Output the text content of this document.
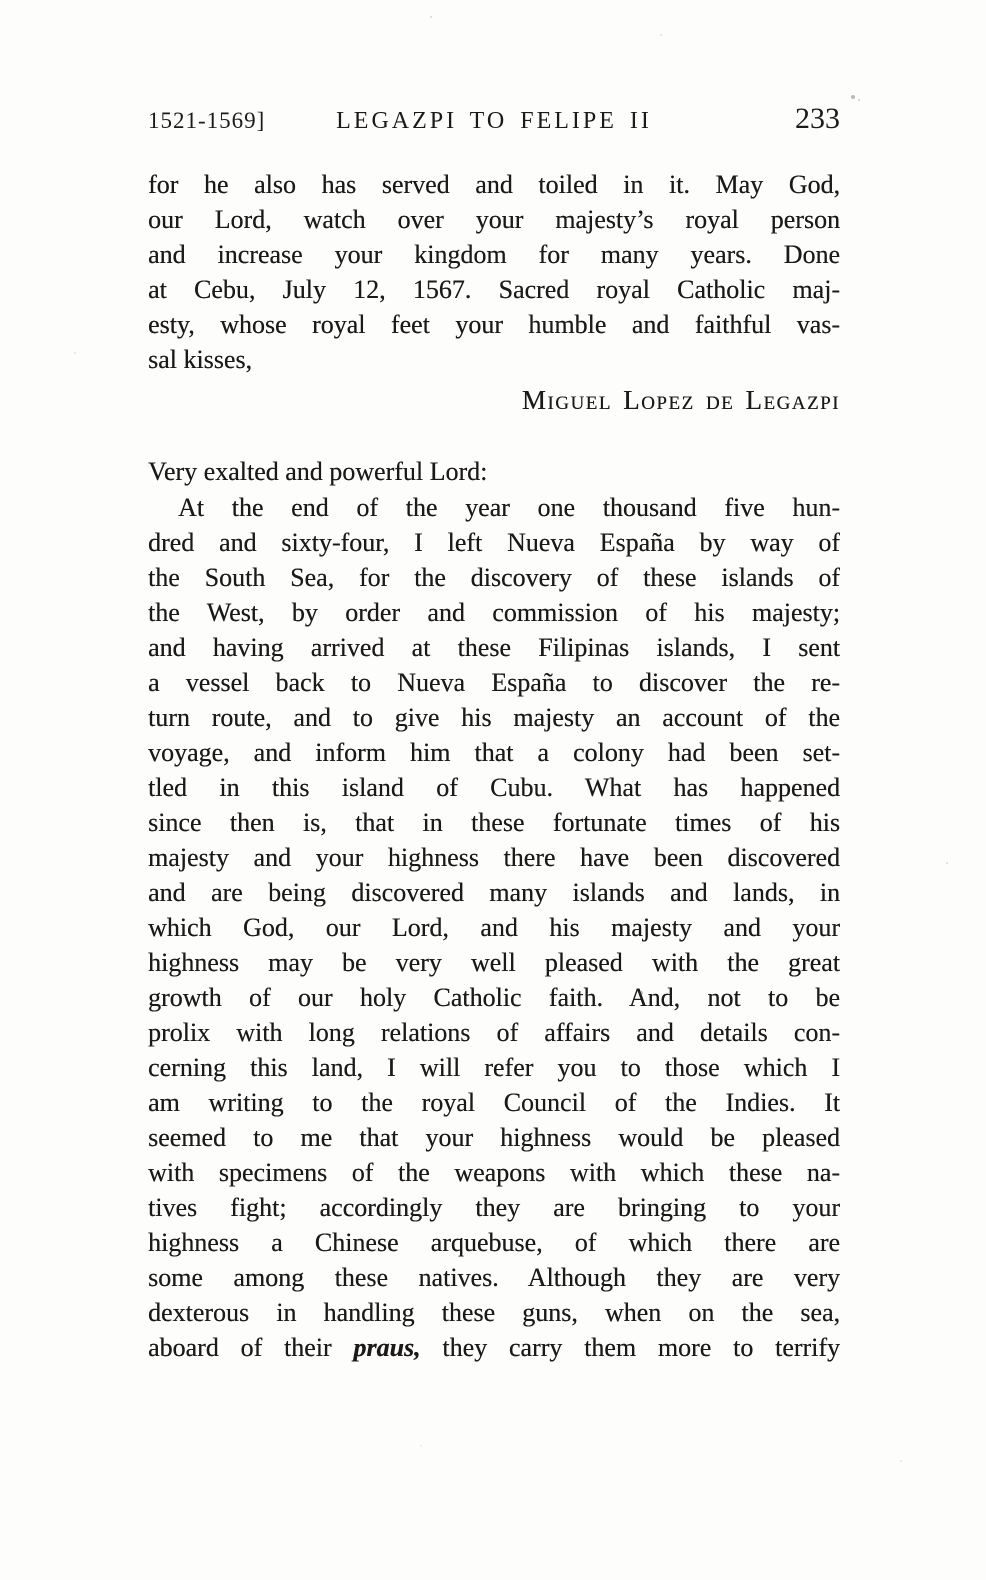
1521-1569]	LEGAZPI TO FELIPE II	233
for he also has served and toiled in it. May God,
our Lord, watch over your majesty’s royal person
and increase your kingdom for many years. Done
at Cebu, July 12, 1567. Sacred royal Catholic maj-
esty, whose royal feet your humble and faithful vas-
sal kisses,
Miguel Lopez de Legazpi
Very exalted and powerful Lord:
At the end of the year one thousand five hun-
dred and sixty-four, I left Nueva España by way of
the South Sea, for the discovery of these islands of
the West, by order and commission of his majesty;
and having arrived at these Filipinas islands, I sent
a vessel back to Nueva España to discover the re-
turn route, and to give his majesty an account of the
voyage, and inform him that a colony had been set-
tled in this island of Cubu. What has happened
since then is, that in these fortunate times of his
majesty and your highness there have been discovered
and are being discovered many islands and lands, in
which God, our Lord, and his majesty and your
highness may be very well pleased with the great
growth of our holy Catholic faith. And, not to be
prolix with long relations of affairs and details con-
cerning this land, I will refer you to those which I
am writing to the royal Council of the Indies. It
seemed to me that your highness would be pleased
with specimens of the weapons with which these na-
tives fight; accordingly they are bringing to your
highness a Chinese arquebuse, of which there are
some among these natives. Although they are very
dexterous in handling these guns, when on the sea,
aboard of their praus, they carry them more to terrify
